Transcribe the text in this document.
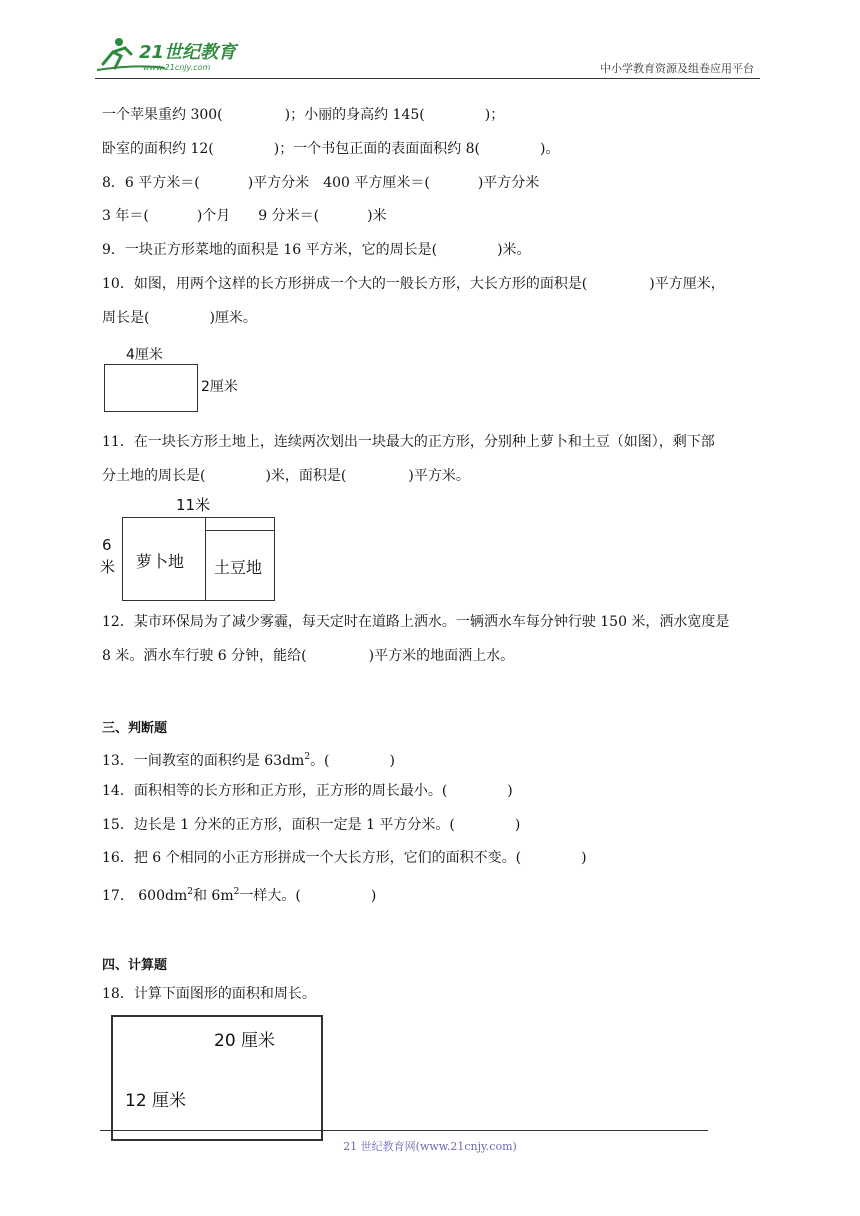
21世纪教育
www.21cnjy.com	中小学教育资源及组卷应用平台
一个苹果重约 300(	)；小丽的身高约 145(	)；
卧室的面积约 12(	)；一个书包正面的表面面积约 8(	)。
8．6 平方米＝(	)平方分米　400 平方厘米＝(	)平方分米
3 年＝(	)个月　　9 分米＝(	)米
9．一块正方形菜地的面积是 16 平方米，它的周长是(	)米。
10．如图，用两个这样的长方形拼成一个大的一般长方形，大长方形的面积是(	)平方厘米，
周长是(	)厘米。
4厘米
2厘米
11．在一块长方形土地上，连续两次划出一块最大的正方形，分别种上萝卜和土豆（如图），剩下部
分土地的周长是(	)米，面积是(	)平方米。
11米
6
米 萝卜地 土豆地
12．某市环保局为了减少雾霾，每天定时在道路上洒水。一辆洒水车每分钟行驶 150 米，洒水宽度是
8 米。洒水车行驶 6 分钟，能给(	)平方米的地面洒上水。
三、判断题
13．一间教室的面积约是 $63dm^2$。(	)
14．面积相等的长方形和正方形，正方形的周长最小。(	)
15．边长是 1 分米的正方形，面积一定是 1 平方分米。(	)
16．把 6 个相同的小正方形拼成一个大长方形，它们的面积不变。(	)
17． $600dm^2$和 $6m^2$一样大。(	)
四、计算题
18．计算下面图形的面积和周长。
20 厘米
12 厘米
21 世纪教育网(www.21cnjy.com)
